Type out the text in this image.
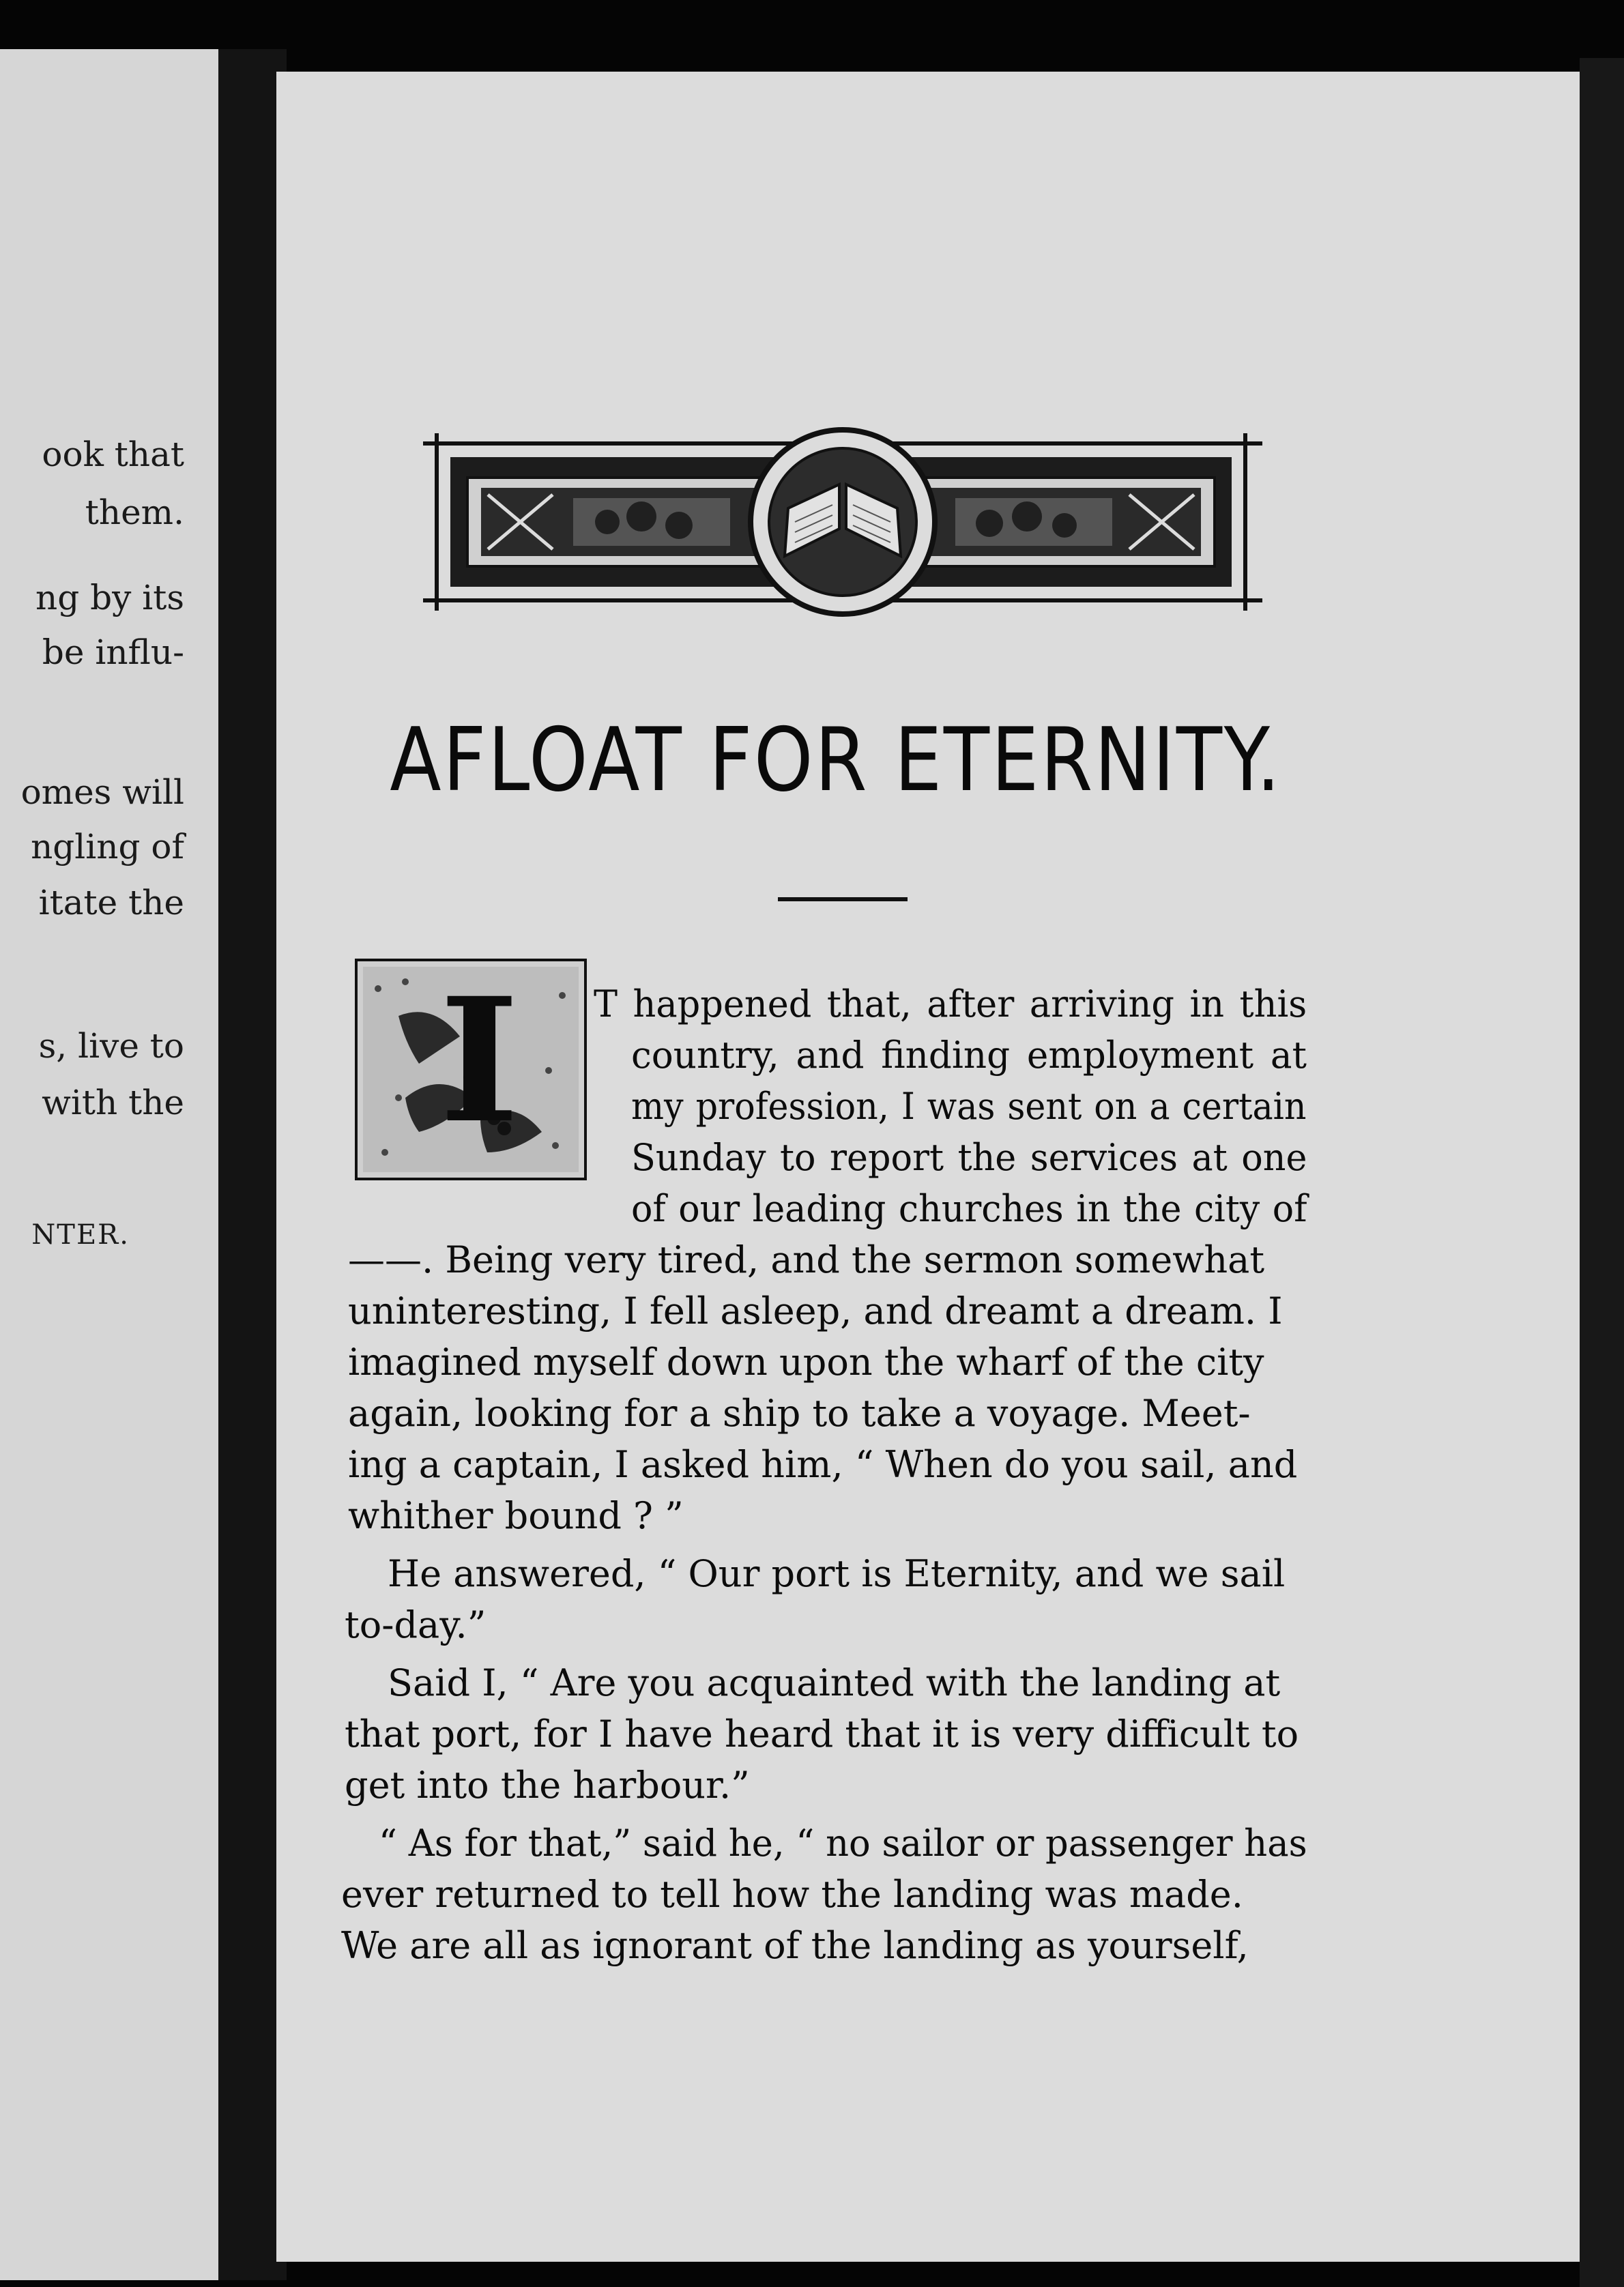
ook that
them.
ng by its
be influ-
omes will
ngling of
itate the
s, live to
with the
NTER.
AFLOAT FOR ETERNITY.
I T happened that, after arriving in this
country, and finding employment at
my profession, I was sent on a certain
Sunday to report the services at one
of our leading churches in the city of
——. Being very tired, and the sermon somewhat
uninteresting, I fell asleep, and dreamt a dream. I
imagined myself down upon the wharf of the city
again, looking for a ship to take a voyage. Meet-
ing a captain, I asked him, “ When do you sail, and
whither bound ? ”
He answered, “ Our port is Eternity, and we sail
to-day.”
Said I, “ Are you acquainted with the landing at
that port, for I have heard that it is very difficult to
get into the harbour.”
“ As for that,” said he, “ no sailor or passenger has
ever returned to tell how the landing was made.
We are all as ignorant of the landing as yourself,
